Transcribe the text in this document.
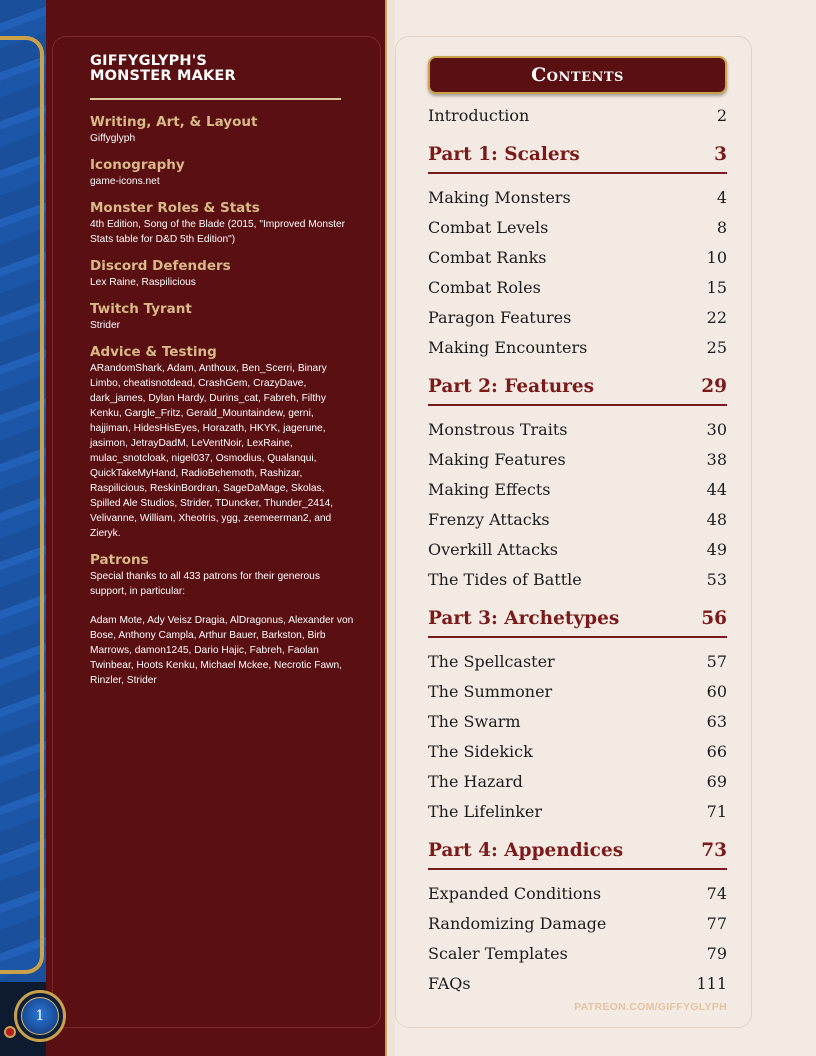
GIFFYGLYPH'S
MONSTER MAKER

Writing, Art, & Layout

Giffyglyph

Iconography

game-icons.net

Monster Roles & Stats

4th Edition, Song of the Blade (2015, "Improved Monster Stats table for D&D 5th Edition")

Discord Defenders

Lex Raine, Raspilicious

Twitch Tyrant

Strider

Advice & Testing

ARandomShark, Adam, Anthoux, Ben_Scerri, Binary Limbo, cheatisnotdead, CrashGem, CrazyDave, dark_james, Dylan Hardy, Durins_cat, Fabreh, Filthy Kenku, Gargle_Fritz, Gerald_Mountaindew, gerni, hajjiman, HidesHisEyes, Horazath, HKYK, jagerune, jasimon, JetrayDadM, LeVentNoir, LexRaine, mulac_snotcloak, nigel037, Osmodius, Qualanqui, QuickTakeMyHand, RadioBehemoth, Rashizar, Raspilicious, ReskinBordran, SageDaMage, Skolas, Spilled Ale Studios, Strider, TDuncker, Thunder_2414, Velivanne, William, Xheotris, ygg, zeemeerman2, and Zieryk.

Patrons

Special thanks to all 433 patrons for their generous support, in particular:

Adam Mote, Ady Veisz Dragia, AlDragonus, Alexander von Bose, Anthony Campla, Arthur Bauer, Barkston, Birb Marrows, damon1245, Dario Hajic, Fabreh, Faolan Twinbear, Hoots Kenku, Michael Mckee, Necrotic Fawn, Rinzler, Strider

Contents
Introduction	2
Part 1: Scalers	3
Making Monsters	4
Combat Levels	8
Combat Ranks	10
Combat Roles	15
Paragon Features	22
Making Encounters	25
Part 2: Features	29
Monstrous Traits	30
Making Features	38
Making Effects	44
Frenzy Attacks	48
Overkill Attacks	49
The Tides of Battle	53
Part 3: Archetypes	56
The Spellcaster	57
The Summoner	60
The Swarm	63
The Sidekick	66
The Hazard	69
The Lifelinker	71
Part 4: Appendices	73
Expanded Conditions	74
Randomizing Damage	77
Scaler Templates	79
FAQs	111
PATREON.COM/GIFFYGLYPH
1
